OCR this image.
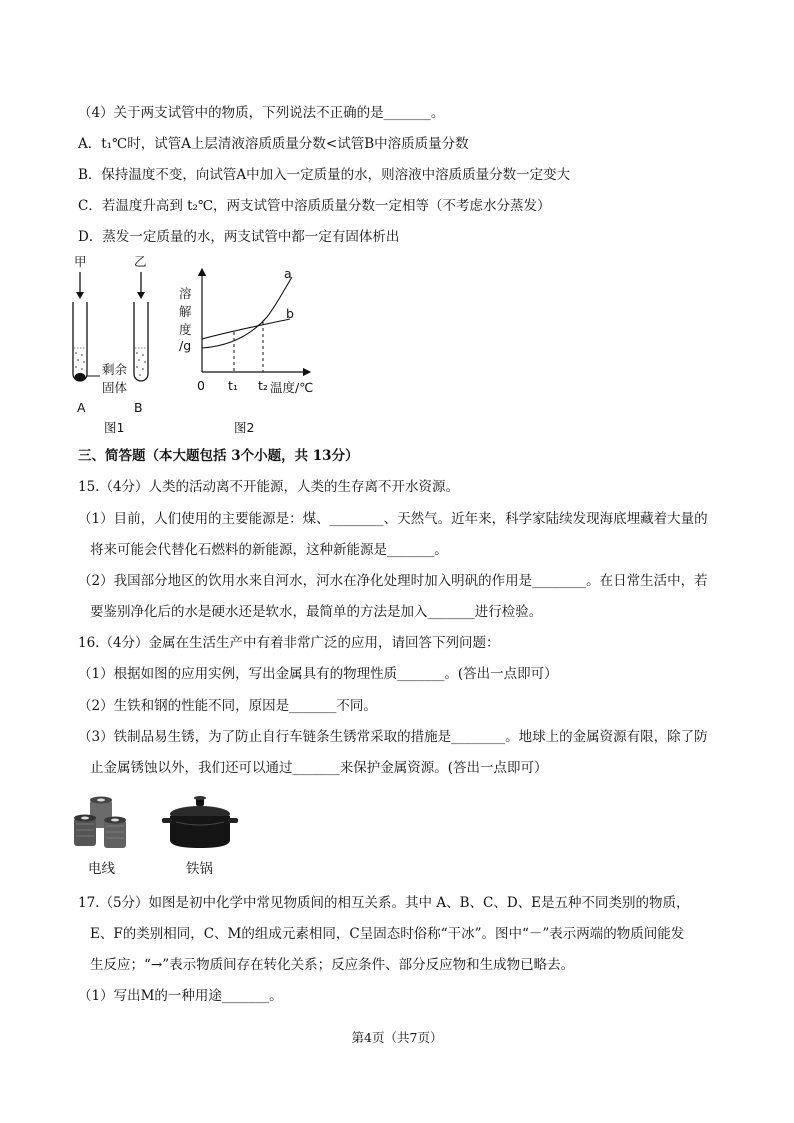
（4）关于两支试管中的物质，下列说法不正确的是_______。
A．t₁℃时，试管A上层清液溶质质量分数<试管B中溶质质量分数
B．保持温度不变，向试管A中加入一定质量的水，则溶液中溶质质量分数一定变大
C．若温度升高到 t₂℃，两支试管中溶质质量分数一定相等（不考虑水分蒸发）
D．蒸发一定质量的水，两支试管中都一定有固体析出
甲	乙
剩余
固体
A	B
图1
溶
解
度
/g
0 t₁ t₂ 温度/℃
a
b
图2
三、简答题（本大题包括 3个小题，共 13分）
15.（4分）人类的活动离不开能源，人类的生存离不开水资源。
（1）目前，人们使用的主要能源是：煤、________、天然气。近年来，科学家陆续发现海底埋藏着大量的
将来可能会代替化石燃料的新能源，这种新能源是_______。
（2）我国部分地区的饮用水来自河水，河水在净化处理时加入明矾的作用是________。在日常生活中，若
要鉴别净化后的水是硬水还是软水，最简单的方法是加入_______进行检验。
16.（4分）金属在生活生产中有着非常广泛的应用，请回答下列问题：
（1）根据如图的应用实例，写出金属具有的物理性质_______。(答出一点即可）
（2）生铁和钢的性能不同，原因是_______不同。
（3）铁制品易生锈，为了防止自行车链条生锈常采取的措施是________。地球上的金属资源有限，除了防
止金属锈蚀以外，我们还可以通过_______来保护金属资源。(答出一点即可）
电线	铁锅
17.（5分）如图是初中化学中常见物质间的相互关系。其中 A、B、C、D、E是五种不同类别的物质，
E、F的类别相同，C、M的组成元素相同，C呈固态时俗称“干冰”。图中“－”表示两端的物质间能发
生反应；“→”表示物质间存在转化关系；反应条件、部分反应物和生成物已略去。
（1）写出M的一种用途_______。
第4页（共7页）
